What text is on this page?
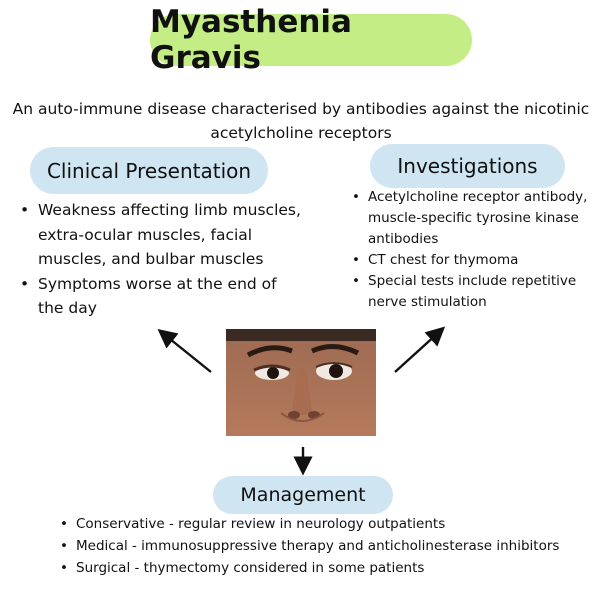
Myasthenia Gravis
An auto-immune disease characterised by antibodies against the nicotinic
acetylcholine receptors
Clinical Presentation
• Weakness affecting limb muscles, extra-ocular muscles, facial muscles, and bulbar muscles
• Symptoms worse at the end of the day
Investigations
• Acetylcholine receptor antibody, muscle-specific tyrosine kinase antibodies
• CT chest for thymoma
• Special tests include repetitive nerve stimulation
Management
• Conservative - regular review in neurology outpatients
• Medical - immunosuppressive therapy and anticholinesterase inhibitors
• Surgical - thymectomy considered in some patients
